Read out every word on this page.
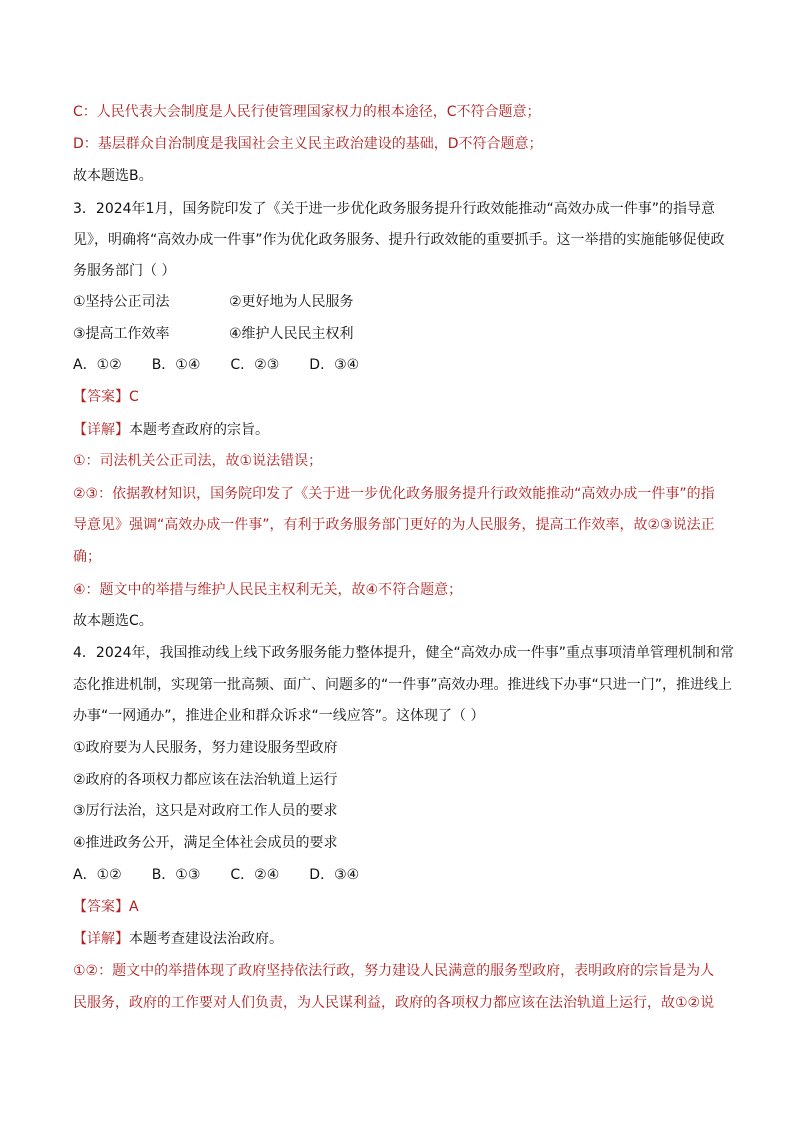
C：人民代表大会制度是人民行使管理国家权力的根本途径，C不符合题意；
D：基层群众自治制度是我国社会主义民主政治建设的基础，D不符合题意；
故本题选B。
3．2024年1月，国务院印发了《关于进一步优化政务服务提升行政效能推动“高效办成一件事”的指导意
见》，明确将“高效办成一件事”作为优化政务服务、提升行政效能的重要抓手。这一举措的实施能够促使政
务服务部门（ ）
①坚持公正司法	②更好地为人民服务
③提高工作效率	④维护人民民主权利
A．①② B．①④ C．②③ D．③④
【答案】C
【详解】本题考查政府的宗旨。
①：司法机关公正司法，故①说法错误；
②③：依据教材知识，国务院印发了《关于进一步优化政务服务提升行政效能推动“高效办成一件事”的指
导意见》强调“高效办成一件事”，有利于政务服务部门更好的为人民服务，提高工作效率，故②③说法正
确；
④：题文中的举措与维护人民民主权利无关，故④不符合题意；
故本题选C。
4．2024年，我国推动线上线下政务服务能力整体提升，健全“高效办成一件事”重点事项清单管理机制和常
态化推进机制，实现第一批高频、面广、问题多的“一件事”高效办理。推进线下办事“只进一门”，推进线上
办事“一网通办”，推进企业和群众诉求“一线应答”。这体现了（ ）
①政府要为人民服务，努力建设服务型政府
②政府的各项权力都应该在法治轨道上运行
③厉行法治，这只是对政府工作人员的要求
④推进政务公开，满足全体社会成员的要求
A．①② B．①③ C．②④ D．③④
【答案】A
【详解】本题考查建设法治政府。
①②：题文中的举措体现了政府坚持依法行政，努力建设人民满意的服务型政府，表明政府的宗旨是为人
民服务，政府的工作要对人们负责，为人民谋利益，政府的各项权力都应该在法治轨道上运行，故①②说
